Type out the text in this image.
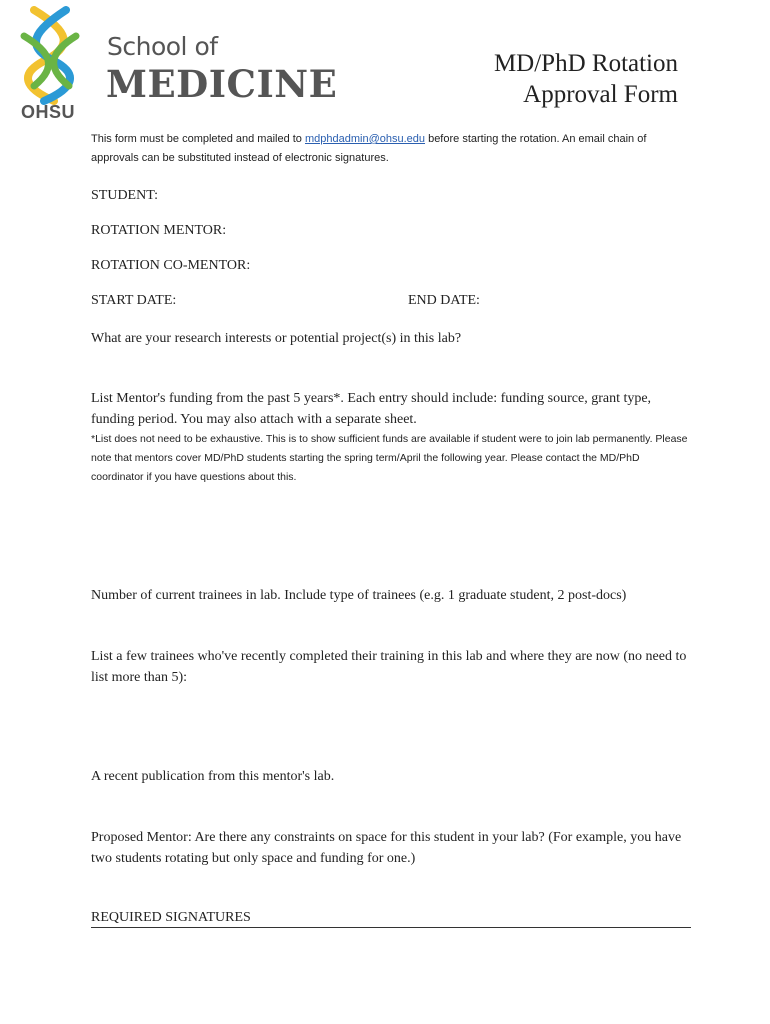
OHSU
School of
MEDICINE	MD/PhD Rotation
Approval Form
This form must be completed and mailed to mdphdadmin@ohsu.edu before starting the rotation. An email chain of approvals can be substituted instead of electronic signatures.
STUDENT:
ROTATION MENTOR:
ROTATION CO-MENTOR:
START DATE:	END DATE:
What are your research interests or potential project(s) in this lab?
List Mentor's funding from the past 5 years*. Each entry should include: funding source, grant type, funding period. You may also attach with a separate sheet.
*List does not need to be exhaustive. This is to show sufficient funds are available if student were to join lab permanently. Please note that mentors cover MD/PhD students starting the spring term/April the following year. Please contact the MD/PhD coordinator if you have questions about this.
Number of current trainees in lab. Include type of trainees (e.g. 1 graduate student, 2 post-docs)
List a few trainees who've recently completed their training in this lab and where they are now (no need to list more than 5):
A recent publication from this mentor's lab.
Proposed Mentor: Are there any constraints on space for this student in your lab? (For example, you have two students rotating but only space and funding for one.)
REQUIRED SIGNATURES
